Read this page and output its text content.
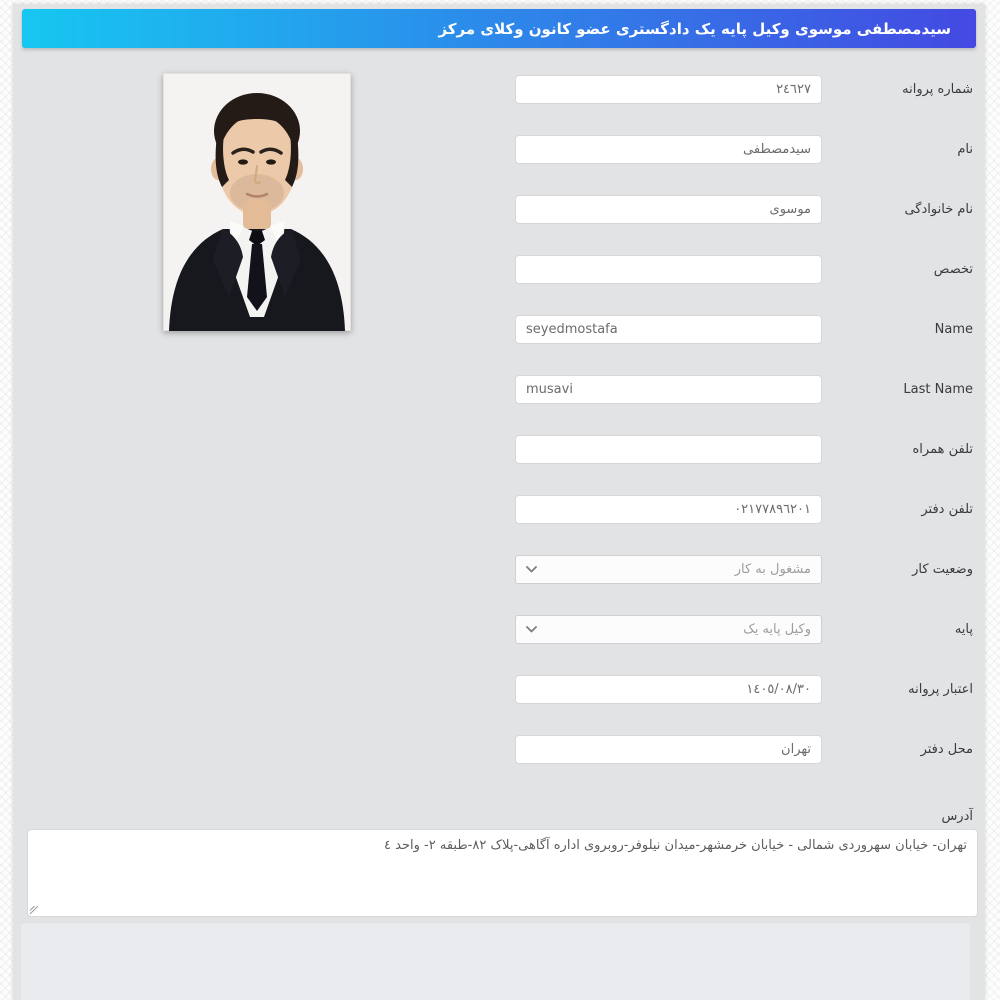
سیدمصطفی موسوی وکیل پایه یک دادگستری عضو کانون وکلای مرکز
شماره پروانه
٢٤٦٢٧
نام
سیدمصطفی
نام خانوادگی
موسوی
تخصص
Name
seyedmostafa
Last Name
musavi
تلفن همراه
تلفن دفتر
٠٢١٧٧٨٩٦٢٠١
وضعیت کار
مشغول به کار
پایه
وکیل پایه یک
اعتبار پروانه
١٤٠٥/٠٨/٣٠
محل دفتر
تهران
آدرس
تهران- خیابان سهروردی شمالی - خیابان خرمشهر-میدان نیلوفر-روبروی اداره آگاهی-پلاک ٨٢-طبقه ٢- واحد ٤
